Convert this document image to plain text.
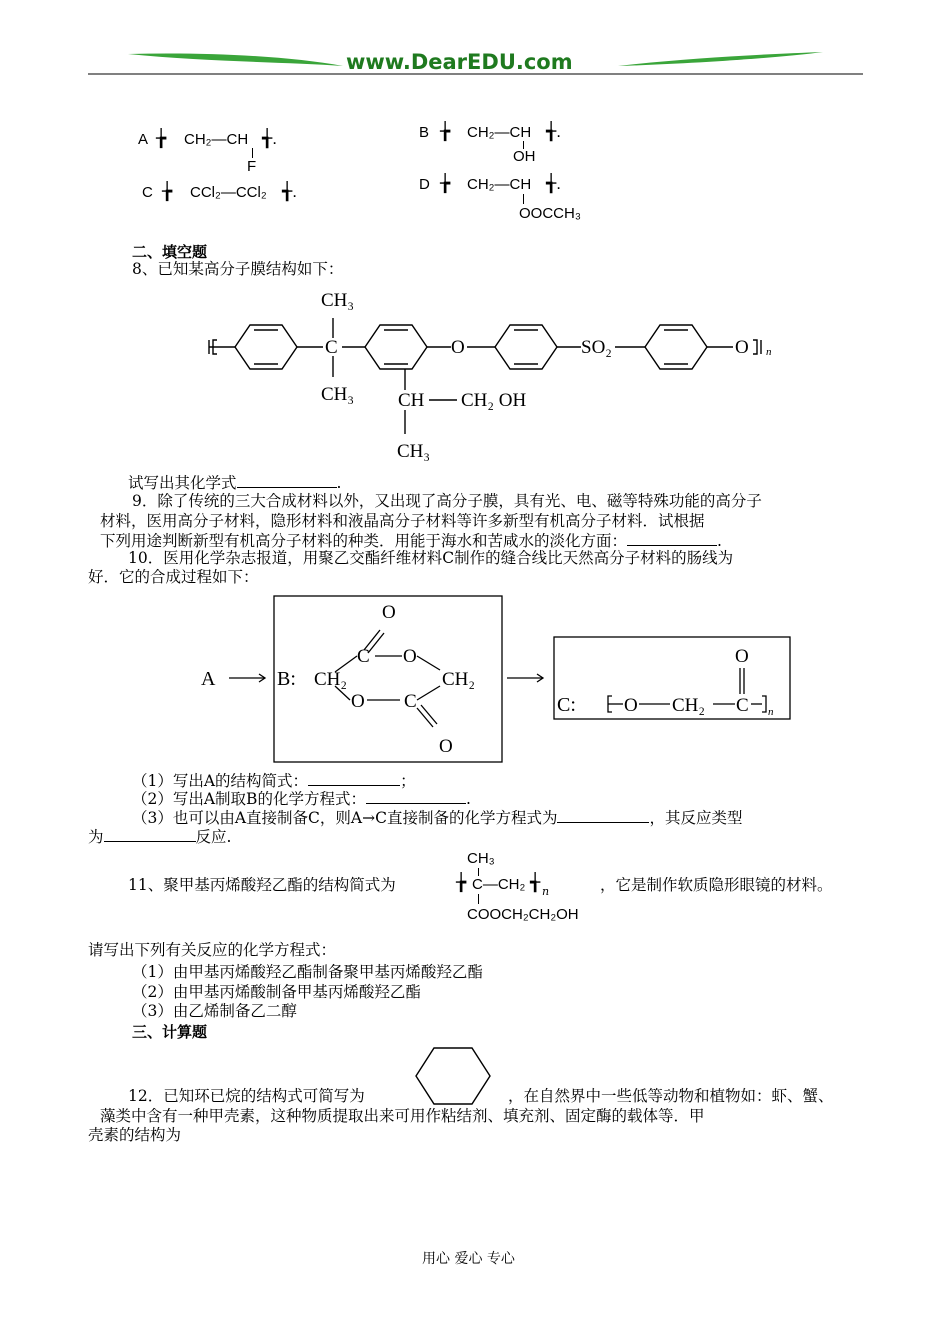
www.DearEDU.com
A ╆ CH₂—CH ╅.
F
B ╆ CH₂—CH ╅.
OH
C ╆ CCl₂—CCl₂ ╅.	D ╆ CH₂—CH ╅.
OOCCH₃
二、填空题
8、已知某高分子膜结构如下：
CH₃
C
CH₃
O	SO₂	O n
CH CH₂ OH
CH₃
试写出其化学式	.
9．除了传统的三大合成材料以外，又出现了高分子膜，具有光、电、磁等特殊功能的高分子
材料，医用高分子材料，隐形材料和液晶高分子材料等许多新型有机高分子材料．试根据
下列用途判断新型有机高分子材料的种类．用能于海水和苦咸水的淡化方面：	.
10．医用化学杂志报道，用聚乙交酯纤维材料C制作的缝合线比天然高分子材料的肠线为
好．它的合成过程如下：
A	B:
O
C O
CH₂	CH₂
O C
O
C:	O CH₂
O
C n
（1）写出A的结构简式：	；
（2）写出A制取B的化学方程式：	.
（3）也可以由A直接制备C，则A→C直接制备的化学方程式为	，其反应类型
为	反应.
11、聚甲基丙烯酸羟乙酯的结构简式为
CH₃
╆ C—CH₂ ╅ n
COOCH₂CH₂OH
，它是制作软质隐形眼镜的材料。
请写出下列有关反应的化学方程式：
（1）由甲基丙烯酸羟乙酯制备聚甲基丙烯酸羟乙酯
（2）由甲基丙烯酸制备甲基丙烯酸羟乙酯
（3）由乙烯制备乙二醇
三、计算题
12．已知环已烷的结构式可简写为	，在自然界中一些低等动物和植物如：虾、蟹、
藻类中含有一种甲壳素，这种物质提取出来可用作粘结剂、填充剂、固定酶的载体等．甲
壳素的结构为
用心 爱心 专心
